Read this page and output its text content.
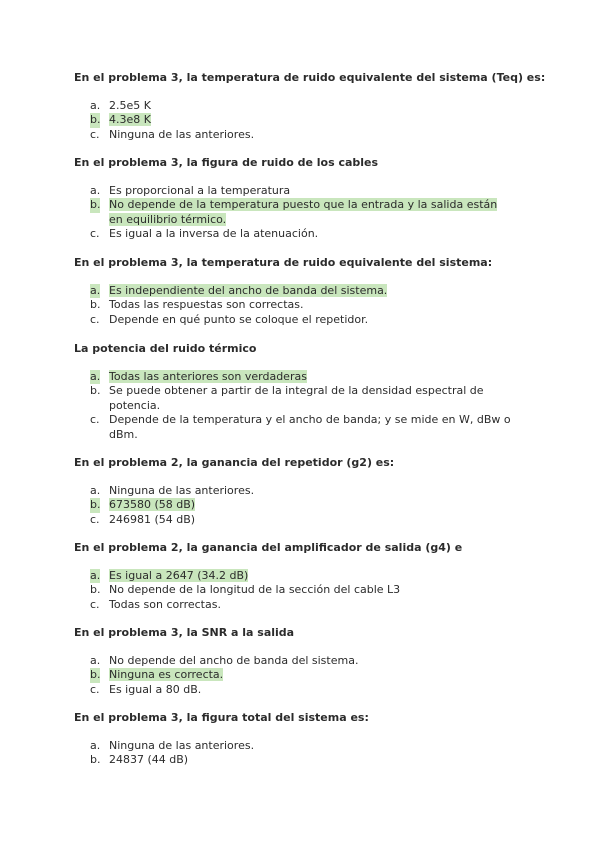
En el problema 3, la temperatura de ruido equivalente del sistema (Teq) es:

a. 2.5e5 K
b. 4.3e8 K
c. Ninguna de las anteriores.

En el problema 3, la figura de ruido de los cables

a. Es proporcional a la temperatura
b. No depende de la temperatura puesto que la entrada y la salida están
en equilibrio térmico.
c. Es igual a la inversa de la atenuación.

En el problema 3, la temperatura de ruido equivalente del sistema:

a. Es independiente del ancho de banda del sistema.
b. Todas las respuestas son correctas.
c. Depende en qué punto se coloque el repetidor.

La potencia del ruido térmico

a. Todas las anteriores son verdaderas
b. Se puede obtener a partir de la integral de la densidad espectral de
potencia.
c. Depende de la temperatura y el ancho de banda; y se mide en W, dBw o
dBm.

En el problema 2, la ganancia del repetidor (g2) es:

a. Ninguna de las anteriores.
b. 673580 (58 dB)
c. 246981 (54 dB)

En el problema 2, la ganancia del amplificador de salida (g4) e

a. Es igual a 2647 (34.2 dB)
b. No depende de la longitud de la sección del cable L3
c. Todas son correctas.

En el problema 3, la SNR a la salida

a. No depende del ancho de banda del sistema.
b. Ninguna es correcta.
c. Es igual a 80 dB.

En el problema 3, la figura total del sistema es:

a. Ninguna de las anteriores.
b. 24837 (44 dB)
